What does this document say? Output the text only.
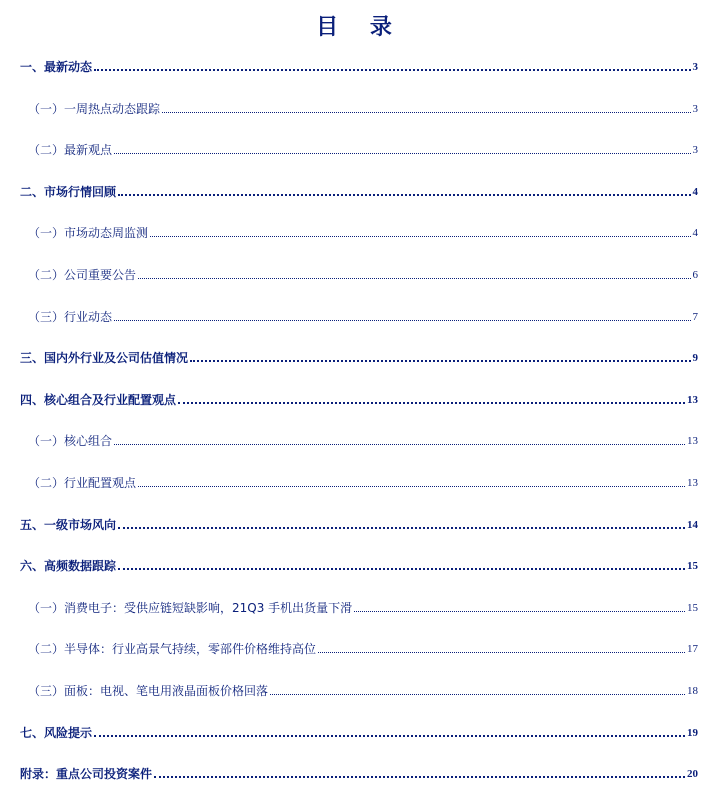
目 录
一、最新动态	3
（一）一周热点动态跟踪	3
（二）最新观点	3
二、市场行情回顾	4
（一）市场动态周监测	4
（二）公司重要公告	6
（三）行业动态	7
三、国内外行业及公司估值情况	9
四、核心组合及行业配置观点	13
（一）核心组合	13
（二）行业配置观点	13
五、一级市场风向	14
六、高频数据跟踪	15
（一）消费电子：受供应链短缺影响，21Q3 手机出货量下滑	15
（二）半导体：行业高景气持续，零部件价格维持高位	17
（三）面板：电视、笔电用液晶面板价格回落	18
七、风险提示	19
附录：重点公司投资案件	20
